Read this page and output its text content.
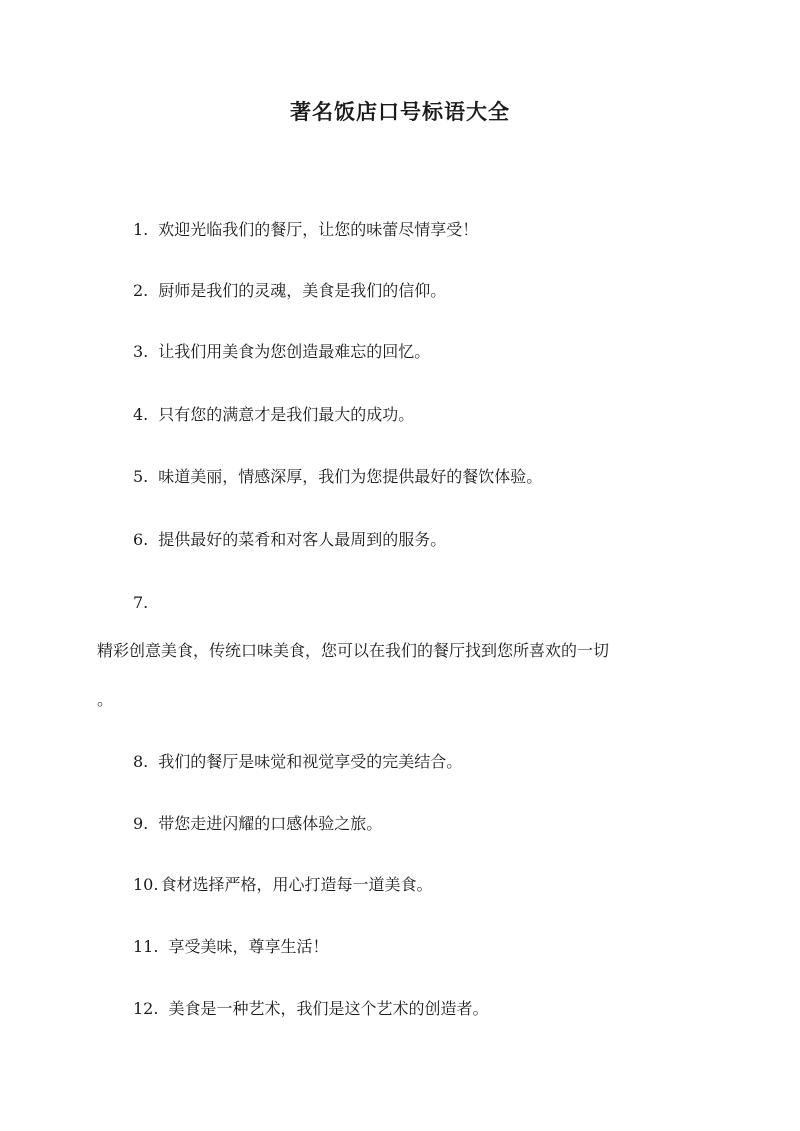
著名饭店口号标语大全
1. 欢迎光临我们的餐厅，让您的味蕾尽情享受！
2. 厨师是我们的灵魂，美食是我们的信仰。
3. 让我们用美食为您创造最难忘的回忆。
4. 只有您的满意才是我们最大的成功。
5. 味道美丽，情感深厚，我们为您提供最好的餐饮体验。
6. 提供最好的菜肴和对客人最周到的服务。
7.
精彩创意美食，传统口味美食，您可以在我们的餐厅找到您所喜欢的一切
。
8. 我们的餐厅是味觉和视觉享受的完美结合。
9. 带您走进闪耀的口感体验之旅。
10. 食材选择严格，用心打造每一道美食。
11. 享受美味，尊享生活！
12. 美食是一种艺术，我们是这个艺术的创造者。
